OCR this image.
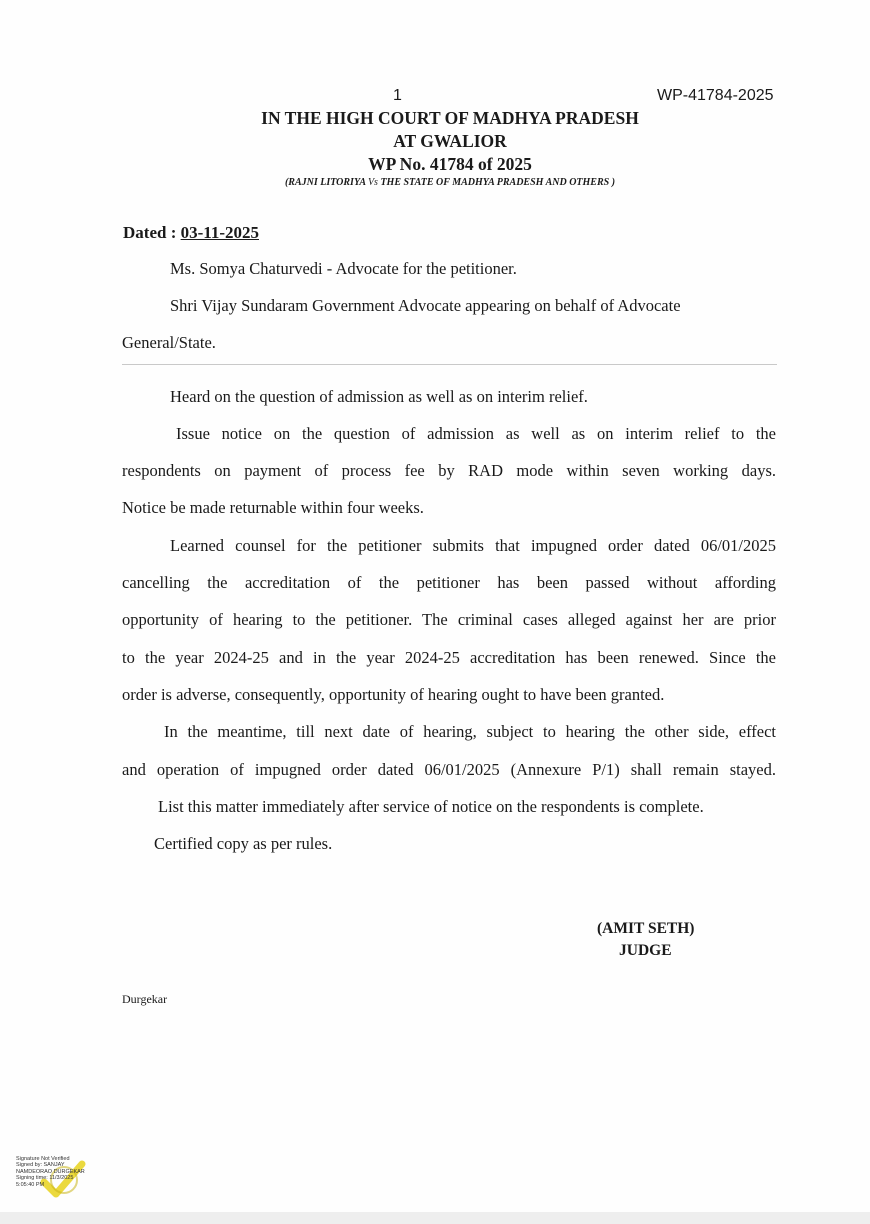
1	WP-41784-2025
IN THE HIGH COURT OF MADHYA PRADESH
AT GWALIOR
WP No. 41784 of 2025
(RAJNI LITORIYA Vs THE STATE OF MADHYA PRADESH AND OTHERS )
Dated : 03-11-2025
Ms. Somya Chaturvedi - Advocate for the petitioner.
Shri Vijay Sundaram Government Advocate appearing on behalf of Advocate
General/State.
Heard on the question of admission as well as on interim relief.
Issue notice on the question of admission as well as on interim relief to the
respondents on payment of process fee by RAD mode within seven working days.
Notice be made returnable within four weeks.
Learned counsel for the petitioner submits that impugned order dated 06/01/2025
cancelling the accreditation of the petitioner has been passed without affording
opportunity of hearing to the petitioner. The criminal cases alleged against her are prior
to the year 2024-25 and in the year 2024-25 accreditation has been renewed. Since the
order is adverse, consequently, opportunity of hearing ought to have been granted.
In the meantime, till next date of hearing, subject to hearing the other side, effect
and operation of impugned order dated 06/01/2025 (Annexure P/1) shall remain stayed.
List this matter immediately after service of notice on the respondents is complete.
Certified copy as per rules.
(AMIT SETH)
JUDGE
Durgekar
Signature Not Verified
Signed by: SANJAY
NAMDEORAO DURGEKAR
Signing time: 11/3/2025
5:05:40 PM
